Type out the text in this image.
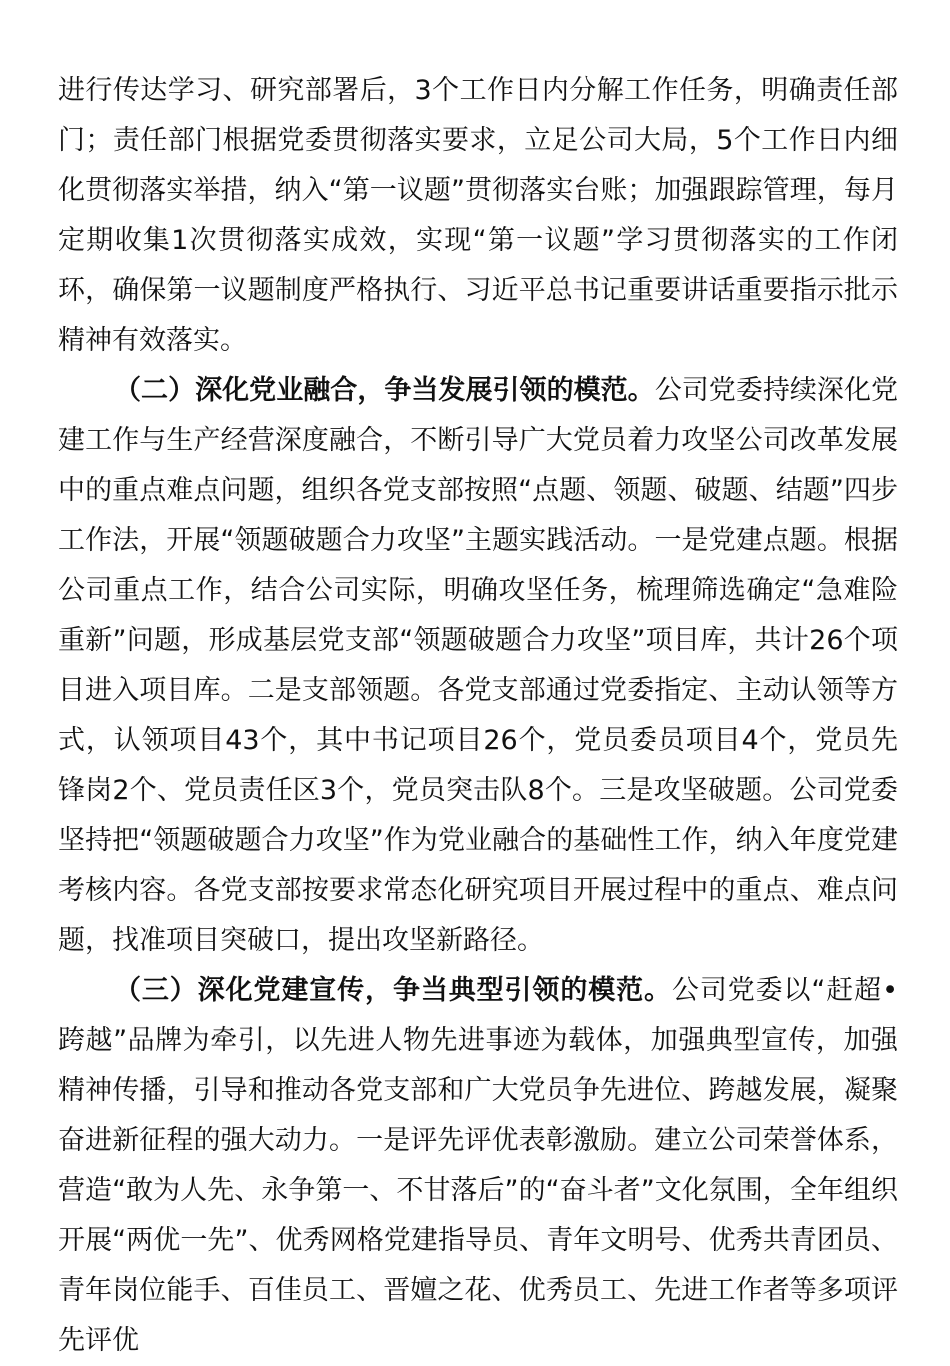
进行传达学习、研究部署后，3个工作日内分解工作任务，明确责任部门；责任部门根据党委贯彻落实要求，立足公司大局，5个工作日内细化贯彻落实举措，纳入“第一议题”贯彻落实台账；加强跟踪管理，每月定期收集1次贯彻落实成效，实现“第一议题”学习贯彻落实的工作闭环，确保第一议题制度严格执行、习近平总书记重要讲话重要指示批示精神有效落实。

（二）深化党业融合，争当发展引领的模范。公司党委持续深化党建工作与生产经营深度融合，不断引导广大党员着力攻坚公司改革发展中的重点难点问题，组织各党支部按照“点题、领题、破题、结题”四步工作法，开展“领题破题合力攻坚”主题实践活动。一是党建点题。根据公司重点工作，结合公司实际，明确攻坚任务，梳理筛选确定“急难险重新”问题，形成基层党支部“领题破题合力攻坚”项目库，共计26个项目进入项目库。二是支部领题。各党支部通过党委指定、主动认领等方式，认领项目43个，其中书记项目26个，党员委员项目4个，党员先锋岗2个、党员责任区3个，党员突击队8个。三是攻坚破题。公司党委坚持把“领题破题合力攻坚”作为党业融合的基础性工作，纳入年度党建考核内容。各党支部按要求常态化研究项目开展过程中的重点、难点问题，找准项目突破口，提出攻坚新路径。

（三）深化党建宣传，争当典型引领的模范。公司党委以“赶超•跨越”品牌为牵引，以先进人物先进事迹为载体，加强典型宣传，加强精神传播，引导和推动各党支部和广大党员争先进位、跨越发展，凝聚奋进新征程的强大动力。一是评先评优表彰激励。建立公司荣誉体系，营造“敢为人先、永争第一、不甘落后”的“奋斗者”文化氛围，全年组织开展“两优一先”、优秀网格党建指导员、青年文明号、优秀共青团员、青年岗位能手、百佳员工、晋嬗之花、优秀员工、先进工作者等多项评先评优
